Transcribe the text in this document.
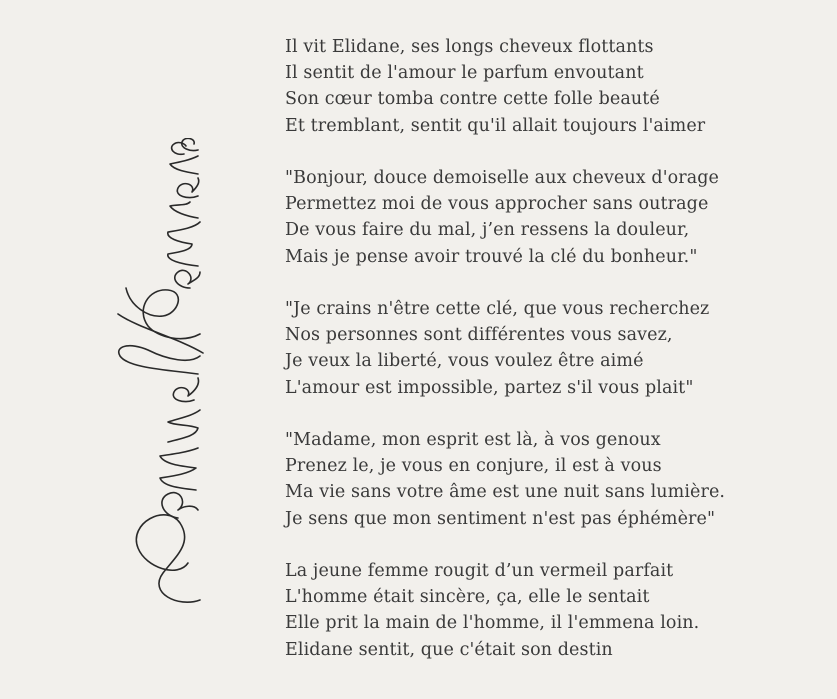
Il vit Elidane, ses longs cheveux flottants
Il sentit de l'amour le parfum envoutant
Son cœur tomba contre cette folle beauté
Et tremblant, sentit qu'il allait toujours l'aimer
"Bonjour, douce demoiselle aux cheveux d'orage
Permettez moi de vous approcher sans outrage
De vous faire du mal, j’en ressens la douleur,
Mais je pense avoir trouvé la clé du bonheur."
"Je crains n'être cette clé, que vous recherchez
Nos personnes sont différentes vous savez,
Je veux la liberté, vous voulez être aimé
L'amour est impossible, partez s'il vous plait"
"Madame, mon esprit est là, à vos genoux
Prenez le, je vous en conjure, il est à vous
Ma vie sans votre âme est une nuit sans lumière.
Je sens que mon sentiment n'est pas éphémère"
La jeune femme rougit d’un vermeil parfait
L'homme était sincère, ça, elle le sentait
Elle prit la main de l'homme, il l'emmena loin.
Elidane sentit, que c'était son destin
